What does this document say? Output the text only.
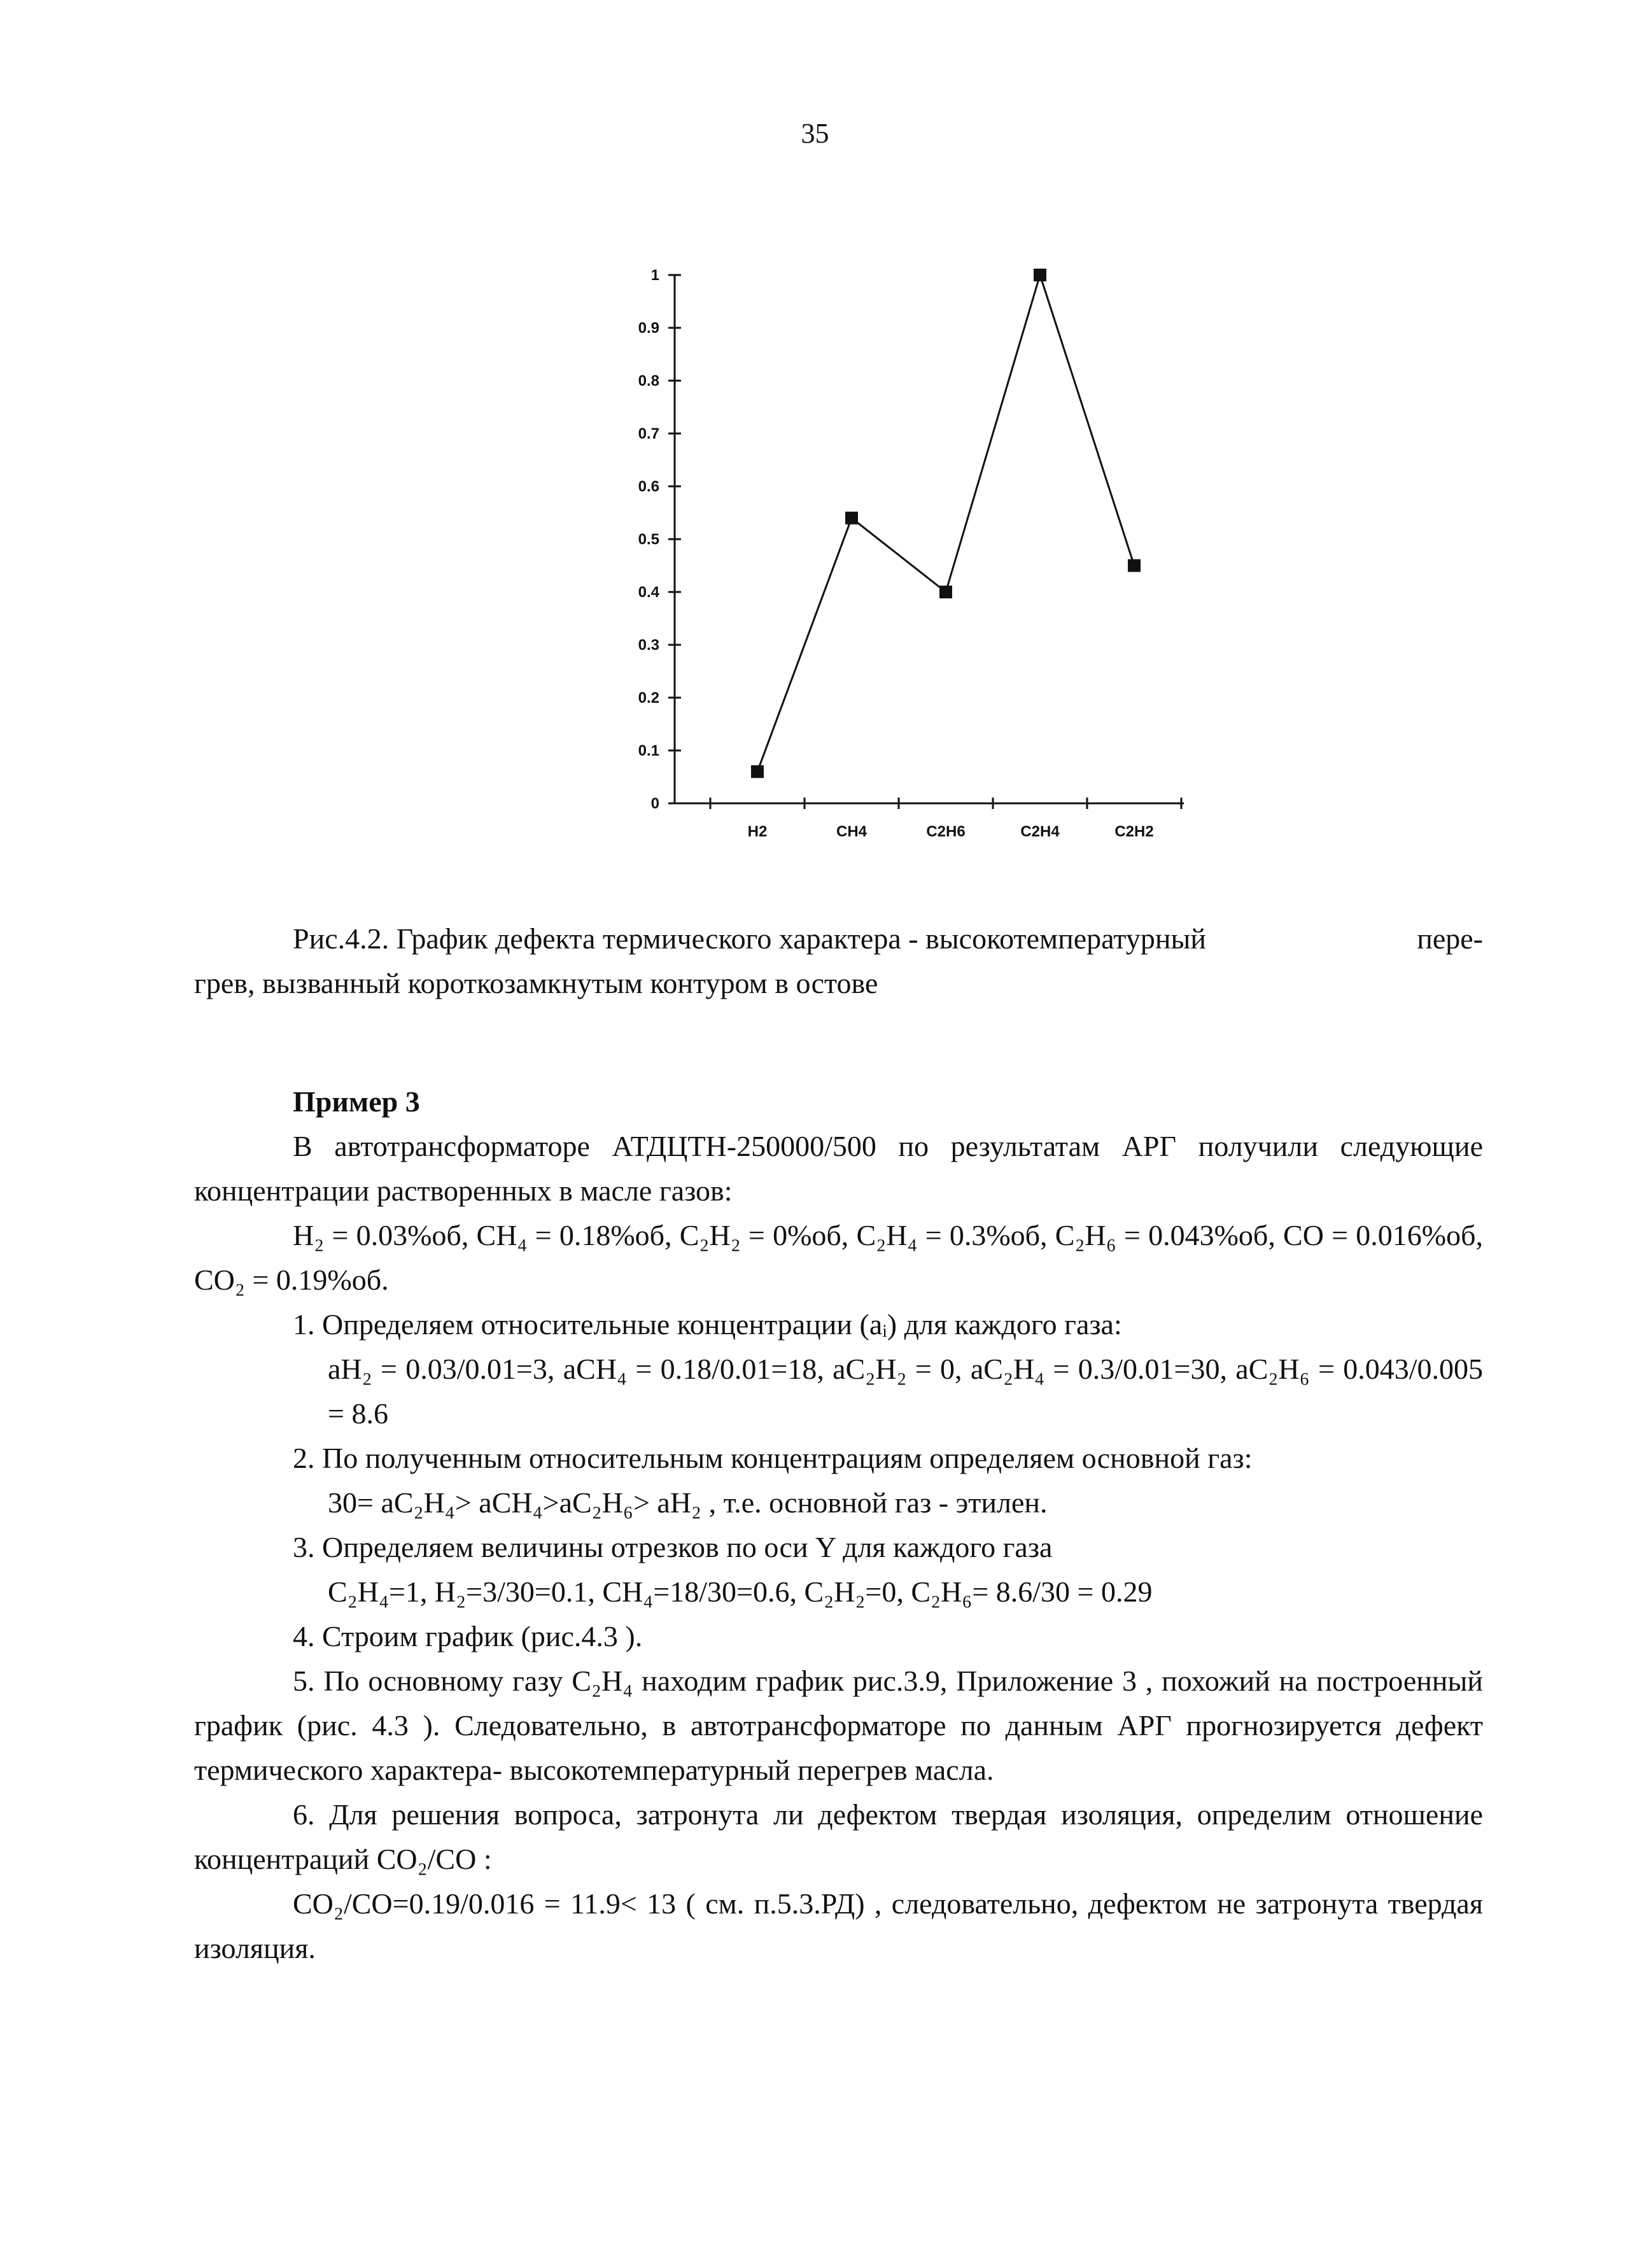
35
0
0.1
0.2
0.3
0.4
0.5
0.6
0.7
0.8
0.9
1
H2	CH4	C2H6	C2H4	C2H2
Рис.4.2. График дефекта термического характера - высокотемпературный	пере-
грев, вызванный короткозамкнутым контуром в остове

Пример 3

В автотрансформаторе АТДЦТН-250000/500 по результатам АРГ получили следующие концентрации растворенных в масле газов:

H₂ = 0.03%об, CH₄ = 0.18%об, C₂H₂ = 0%об, C₂H₄ = 0.3%об, C₂H₆ = 0.043%об, CO = 0.016%об, CO₂ = 0.19%об.

1. Определяем относительные концентрации (aᵢ) для каждого газа:

aH₂ = 0.03/0.01=3, aCH₄ = 0.18/0.01=18, aC₂H₂ = 0, aC₂H₄ = 0.3/0.01=30, aC₂H₆ = 0.043/0.005 = 8.6

2. По полученным относительным концентрациям определяем основной газ:

30= aC₂H₄> aCH₄>aC₂H₆> aH₂ , т.е. основной газ - этилен.

3. Определяем величины отрезков по оси Y для каждого газа

C₂H₄=1, H₂=3/30=0.1, CH₄=18/30=0.6, C₂H₂=0, C₂H₆= 8.6/30 = 0.29

4. Строим график (рис.4.3 ).

5. По основному газу C₂H₄ находим график рис.3.9, Приложение 3 , похожий на построенный график (рис. 4.3 ). Следовательно, в автотрансформаторе по данным АРГ прогнозируется дефект термического характера- высокотемпературный перегрев масла.

6. Для решения вопроса, затронута ли дефектом твердая изоляция, определим отношение концентраций CO₂/CO :

CO₂/CO=0.19/0.016 = 11.9< 13 ( см. п.5.3.РД) , следовательно, дефектом не затронута твердая изоляция.
